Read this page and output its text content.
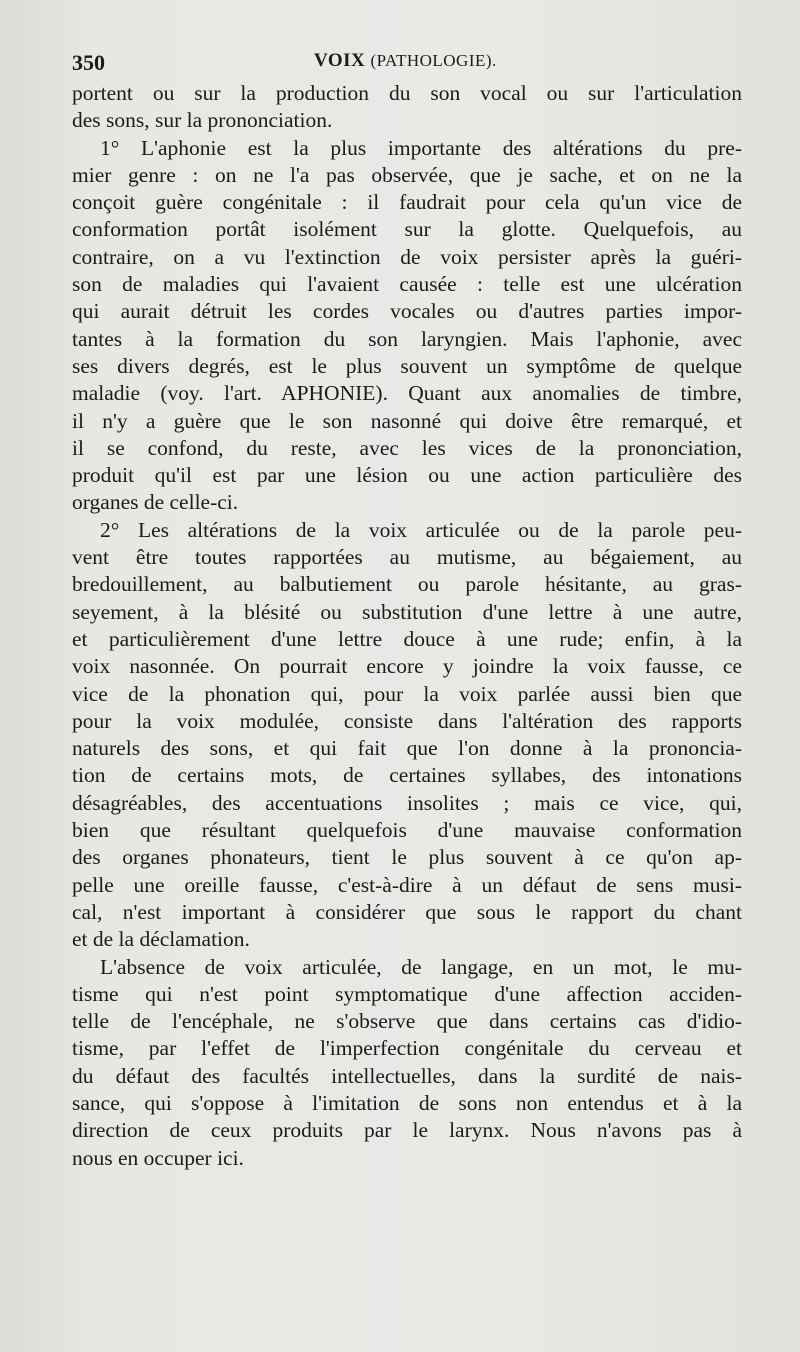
350	VOIX (PATHOLOGIE).
portent ou sur la production du son vocal ou sur l'articulation
des sons, sur la prononciation.
1° L'aphonie est la plus importante des altérations du pre-
mier genre : on ne l'a pas observée, que je sache, et on ne la
conçoit guère congénitale : il faudrait pour cela qu'un vice de
conformation portât isolément sur la glotte. Quelquefois, au
contraire, on a vu l'extinction de voix persister après la guéri-
son de maladies qui l'avaient causée : telle est une ulcération
qui aurait détruit les cordes vocales ou d'autres parties impor-
tantes à la formation du son laryngien. Mais l'aphonie, avec
ses divers degrés, est le plus souvent un symptôme de quelque
maladie (voy. l'art. APHONIE). Quant aux anomalies de timbre,
il n'y a guère que le son nasonné qui doive être remarqué, et
il se confond, du reste, avec les vices de la prononciation,
produit qu'il est par une lésion ou une action particulière des
organes de celle-ci.
2° Les altérations de la voix articulée ou de la parole peu-
vent être toutes rapportées au mutisme, au bégaiement, au
bredouillement, au balbutiement ou parole hésitante, au gras-
seyement, à la blésité ou substitution d'une lettre à une autre,
et particulièrement d'une lettre douce à une rude; enfin, à la
voix nasonnée. On pourrait encore y joindre la voix fausse, ce
vice de la phonation qui, pour la voix parlée aussi bien que
pour la voix modulée, consiste dans l'altération des rapports
naturels des sons, et qui fait que l'on donne à la prononcia-
tion de certains mots, de certaines syllabes, des intonations
désagréables, des accentuations insolites ; mais ce vice, qui,
bien que résultant quelquefois d'une mauvaise conformation
des organes phonateurs, tient le plus souvent à ce qu'on ap-
pelle une oreille fausse, c'est-à-dire à un défaut de sens musi-
cal, n'est important à considérer que sous le rapport du chant
et de la déclamation.
L'absence de voix articulée, de langage, en un mot, le mu-
tisme qui n'est point symptomatique d'une affection acciden-
telle de l'encéphale, ne s'observe que dans certains cas d'idio-
tisme, par l'effet de l'imperfection congénitale du cerveau et
du défaut des facultés intellectuelles, dans la surdité de nais-
sance, qui s'oppose à l'imitation de sons non entendus et à la
direction de ceux produits par le larynx. Nous n'avons pas à
nous en occuper ici.
